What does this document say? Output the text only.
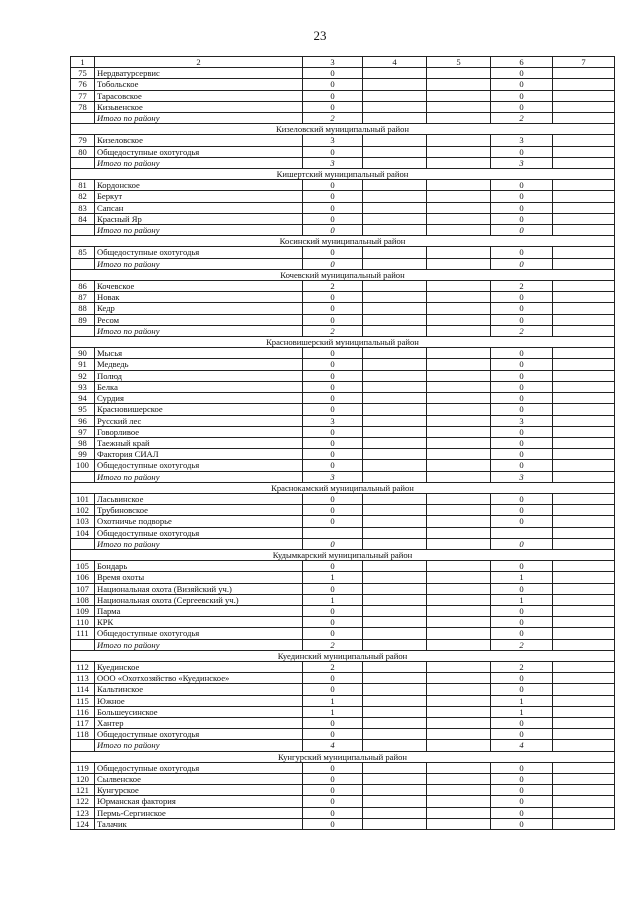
23
1	2	3	4	5	6	7
75	Нердватурсервис	0			0	
76	Тобольское	0			0	
77	Тарасовское	0			0	
78	Кизьвенское	0			0	
	Итого по району	2			2	
Кизеловский муниципальный район						
79	Кизеловское	3			3	
80	Общедоступные охотугодья	0			0	
	Итого по району	3			3	
Кишертский муниципальный район						
81	Кордонское	0			0	
82	Беркут	0			0	
83	Сапсан	0			0	
84	Красный Яр	0			0	
	Итого по району	0			0	
Косинский муниципальный район						
85	Общедоступные охотугодья	0			0	
	Итого по району	0			0	
Кочевский муниципальный район						
86	Кочевское	2			2	
87	Новак	0			0	
88	Кедр	0			0	
89	Ресом	0			0	
	Итого по району	2			2	
Красновишерский муниципальный район						
90	Мысья	0			0	
91	Медведь	0			0	
92	Полюд	0			0	
93	Белка	0			0	
94	Сурдия	0			0	
95	Красновишерское	0			0	
96	Русский лес	3			3	
97	Говорливое	0			0	
98	Таежный край	0			0	
99	Фактория СИАЛ	0			0	
100	Общедоступные охотугодья	0			0	
	Итого по району	3			3	
Краснокамский муниципальный район						
101	Ласьвинское	0			0	
102	Трубиновское	0			0	
103	Охотничье подворье	0			0	
104	Общедоступные охотугодья					
	Итого по району	0			0	
Кудымкарский муниципальный район						
105	Бондарь	0			0	
106	Время охоты	1			1	
107	Национальная охота (Визяйский уч.)	0			0	
108	Национальная охота (Сергеевский уч.)	1			1	
109	Парма	0			0	
110	КРК	0			0	
111	Общедоступные охотугодья	0			0	
	Итого по району	2			2	
Куединский муниципальный район						
112	Куединское	2			2	
113	ООО «Охотхозяйство «Куединское»	0			0	
114	Кальтинское	0			0	
115	Южное	1			1	
116	Большеусинское	1			1	
117	Хантер	0			0	
118	Общедоступные охотугодья	0			0	
	Итого по району	4			4	
Кунгурский муниципальный район						
119	Общедоступные охотугодья	0			0	
120	Сылвенское	0			0	
121	Кунгурское	0			0	
122	Юрманская фактория	0			0	
123	Пермь-Сергинское	0			0	
124	Талачик	0			0	
